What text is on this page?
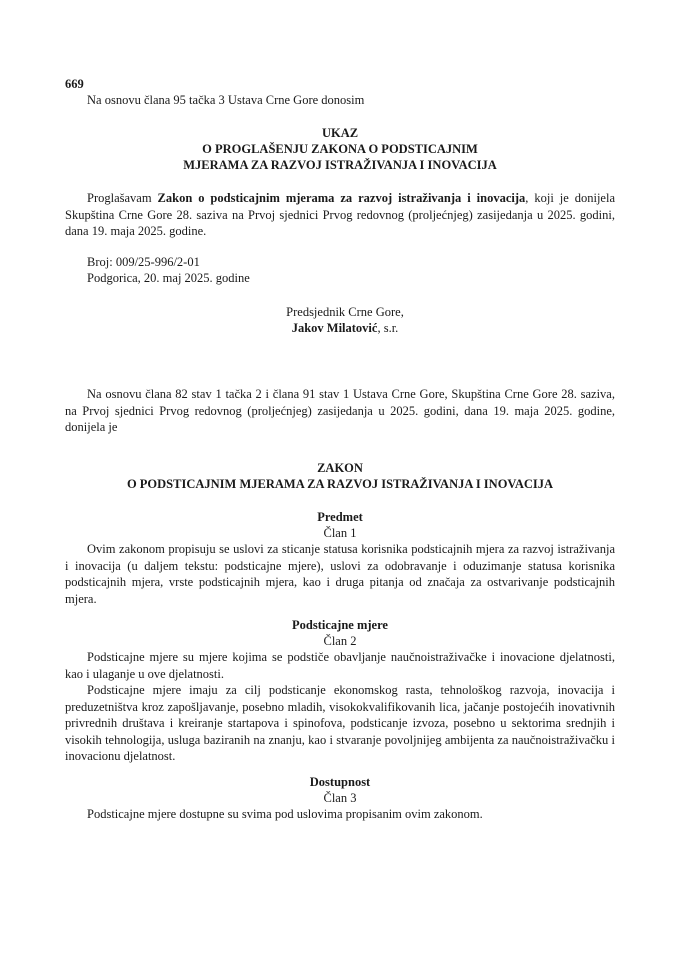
669

Na osnovu člana 95 tačka 3 Ustava Crne Gore donosim

UKAZ

O PROGLAŠENJU ZAKONA O PODSTICAJNIM

MJERAMA ZA RAZVOJ ISTRAŽIVANJA I INOVACIJA

Proglašavam Zakon o podsticajnim mjerama za razvoj istraživanja i inovacija, koji je donijela Skupština Crne Gore 28. saziva na Prvoj sjednici Prvog redovnog (proljećnjeg) zasijedanja u 2025. godini, dana 19. maja 2025. godine.

Broj: 009/25-996/2-01

Podgorica, 20. maj 2025. godine

Predsjednik Crne Gore,

Jakov Milatović, s.r.

Na osnovu člana 82 stav 1 tačka 2 i člana 91 stav 1 Ustava Crne Gore, Skupština Crne Gore 28. saziva, na Prvoj sjednici Prvog redovnog (proljećnjeg) zasijedanja u 2025. godini, dana 19. maja 2025. godine, donijela je

ZAKON

O PODSTICAJNIM MJERAMA ZA RAZVOJ ISTRAŽIVANJA I INOVACIJA

Predmet

Član 1

Ovim zakonom propisuju se uslovi za sticanje statusa korisnika podsticajnih mjera za razvoj istraživanja i inovacija (u daljem tekstu: podsticajne mjere), uslovi za odobravanje i oduzimanje statusa korisnika podsticajnih mjera, vrste podsticajnih mjera, kao i druga pitanja od značaja za ostvarivanje podsticajnih mjera.

Podsticajne mjere

Član 2

Podsticajne mjere su mjere kojima se podstiče obavljanje naučnoistraživačke i inovacione djelatnosti, kao i ulaganje u ove djelatnosti.

Podsticajne mjere imaju za cilj podsticanje ekonomskog rasta, tehnološkog razvoja, inovacija i preduzetništva kroz zapošljavanje, posebno mladih, visokokvalifikovanih lica, jačanje postojećih inovativnih privrednih društava i kreiranje startapova i spinofova, podsticanje izvoza, posebno u sektorima srednjih i visokih tehnologija, usluga baziranih na znanju, kao i stvaranje povoljnijeg ambijenta za naučnoistraživačku i inovacionu djelatnost.

Dostupnost

Član 3

Podsticajne mjere dostupne su svima pod uslovima propisanim ovim zakonom.
